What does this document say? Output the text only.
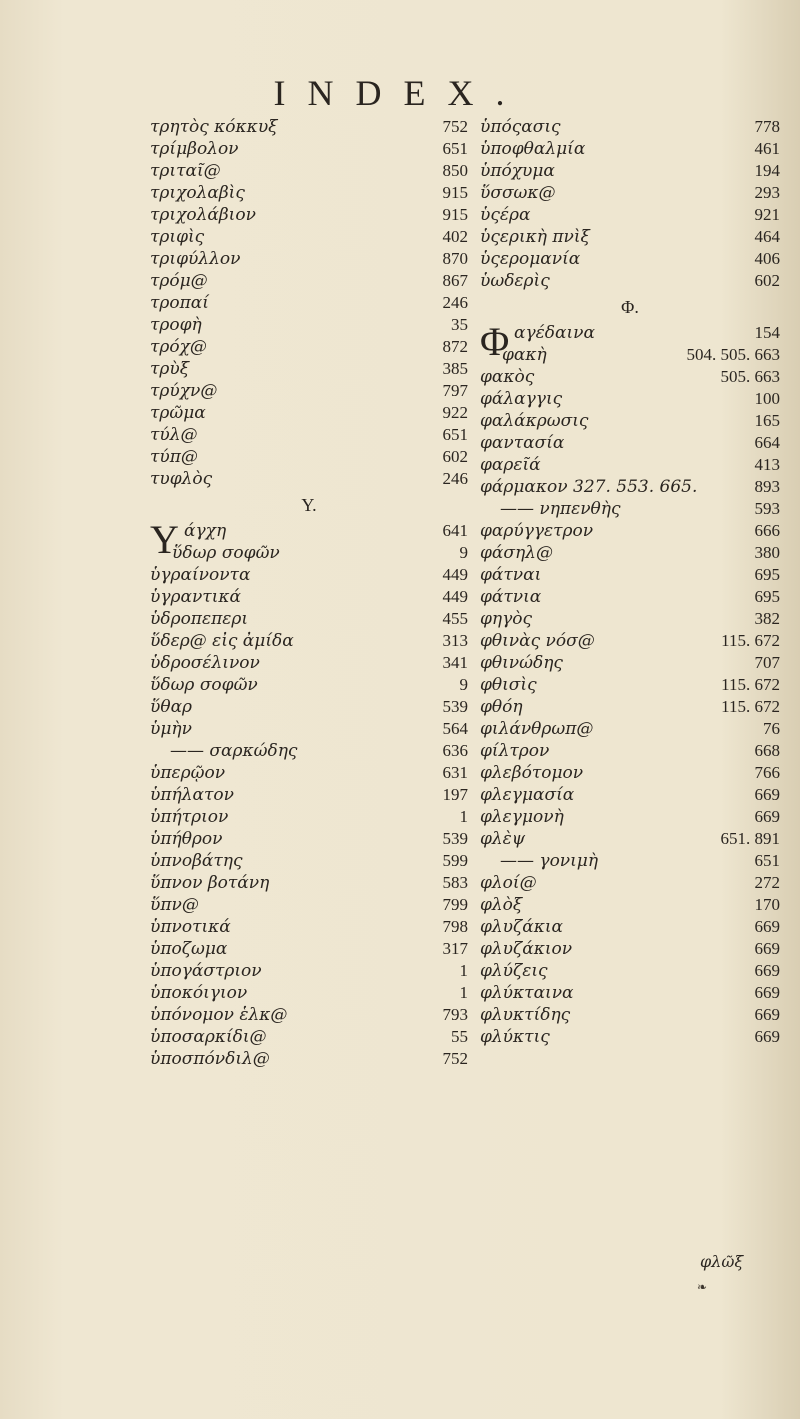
INDEX.
τρητὸς κόκκυξ	752
τρίμβολον	651
τριταῖ@	850
τριχολαβὶς	915
τριχολάβιον	915
τριφὶς	402
τριφύλλον	870
τρόμ@	867
τροπαί	246
τροφὴ	35
τρόχ@	872
τρὺξ	385
τρύχν@	797
τρῶμα	922
τύλ@	651
τύπ@	602
τυφλὸς	246
Υ.
Υ άγχη	641
ὕδωρ σοφῶν	9
ὑγραίνοντα	449
ὑγραντικά	449
ὑδροπεπερι	455
ὕδερ@ εἰς ἀμίδα	313
ὑδροσέλινον	341
ὕδωρ σοφῶν	9
ὕθαρ	539
ὑμὴν	564
—— σαρκώδης	636
ὑπερῷον	631
ὑπήλατον	197
ὑπήτριον	1
ὑπήθρον	539
ὑπνοβάτης	599
ὕπνον βοτάνη	583
ὕπν@	799
ὑπνοτικά	798
ὑποζωμα	317
ὑπογάστριον	1
ὑποκόιγιον	1
ὑπόνομον ἑλκ@	793
ὑποσαρκίδι@	55
ὑποσπόνδιλ@	752
ὑπόςασις	778
ὑποφθαλμία	461
ὑπόχυμα	194
ὕσσωκ@	293
ὑςέρα	921
ὑςερικὴ πνὶξ	464
ὑςερομανία	406
ὑωδερὶς	602
Φ.
Φ αγέδαινα	154
φακὴ	504. 505. 663
φακὸς	505. 663
φάλαγγις	100
φαλάκρωσις	165
φαντασία	664
φαρεῖά	413
φάρμακον 327. 553. 665.	893
—— νηπενθὴς	593
φαρύγγετρον	666
φάσηλ@	380
φάτναι	695
φάτνια	695
φηγὸς	382
φθινὰς νόσ@	115. 672
φθινώδης	707
φθισὶς	115. 672
φθόη	115. 672
φιλάνθρωπ@	76
φίλτρον	668
φλεβότομον	766
φλεγμασία	669
φλεγμονὴ	669
φλὲψ	651. 891
—— γονιμὴ	651
φλοί@	272
φλὸξ	170
φλυζάκια	669
φλυζάκιον	669
φλύζεις	669
φλύκταινα	669
φλυκτίδης	669
φλύκτις	669
φλῶξ
❧
